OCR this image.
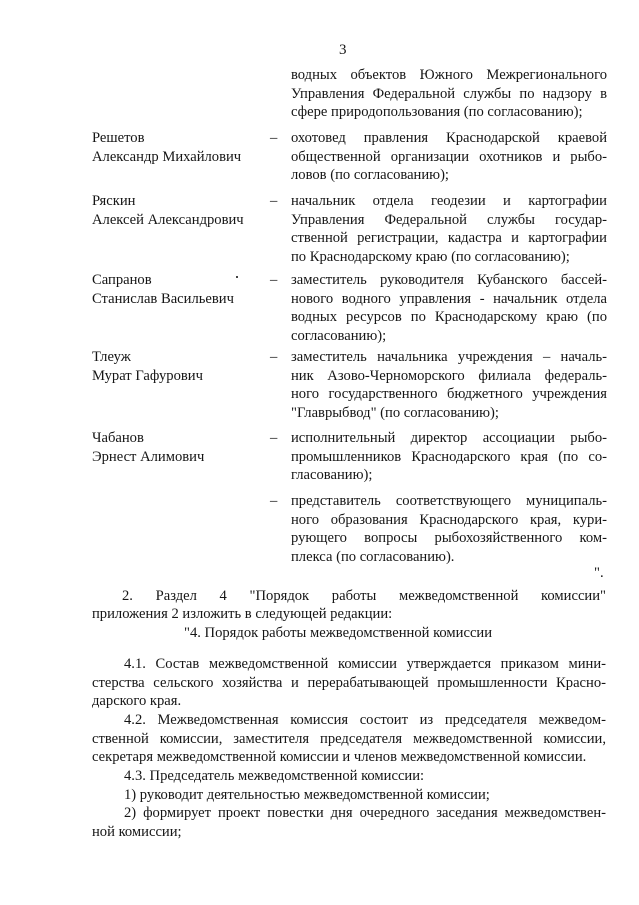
3
водных объектов Южного Межрегионального
Управления Федеральной службы по надзору в
сфере природопользования (по согласованию);
Решетов
Александр Михайлович
– охотовед правления Краснодарской краевой
общественной организации охотников и рыбо-
ловов (по согласованию);
Ряскин
Алексей Александрович
– начальник отдела геодезии и картографии
Управления Федеральной службы государ-
ственной регистрации, кадастра и картографии
по Краснодарскому краю (по согласованию);
Сапранов
Станислав Васильевич
– заместитель руководителя Кубанского бассей-
нового водного управления - начальник отдела
водных ресурсов по Краснодарскому краю (по
согласованию);
Тлеуж
Мурат Гафурович
– заместитель начальника учреждения – началь-
ник Азово-Черноморского филиала федераль-
ного государственного бюджетного учреждения
"Главрыбвод" (по согласованию);
Чабанов
Эрнест Алимович
– исполнительный директор ассоциации рыбо-
промышленников Краснодарского края (по со-
гласованию);
– представитель соответствующего муниципаль-
ного образования Краснодарского края, кури-
рующего вопросы рыбохозяйственного ком-
плекса (по согласованию).
".
2. Раздел 4 "Порядок работы межведомственной комиссии"
приложения 2 изложить в следующей редакции:
"4. Порядок работы межведомственной комиссии
4.1. Состав межведомственной комиссии утверждается приказом мини-
стерства сельского хозяйства и перерабатывающей промышленности Красно-
дарского края.
4.2. Межведомственная комиссия состоит из председателя межведом-
ственной комиссии, заместителя председателя межведомственной комиссии,
секретаря межведомственной комиссии и членов межведомственной комиссии.
4.3. Председатель межведомственной комиссии:
1) руководит деятельностью межведомственной комиссии;
2) формирует проект повестки дня очередного заседания межведомствен-
ной комиссии;
